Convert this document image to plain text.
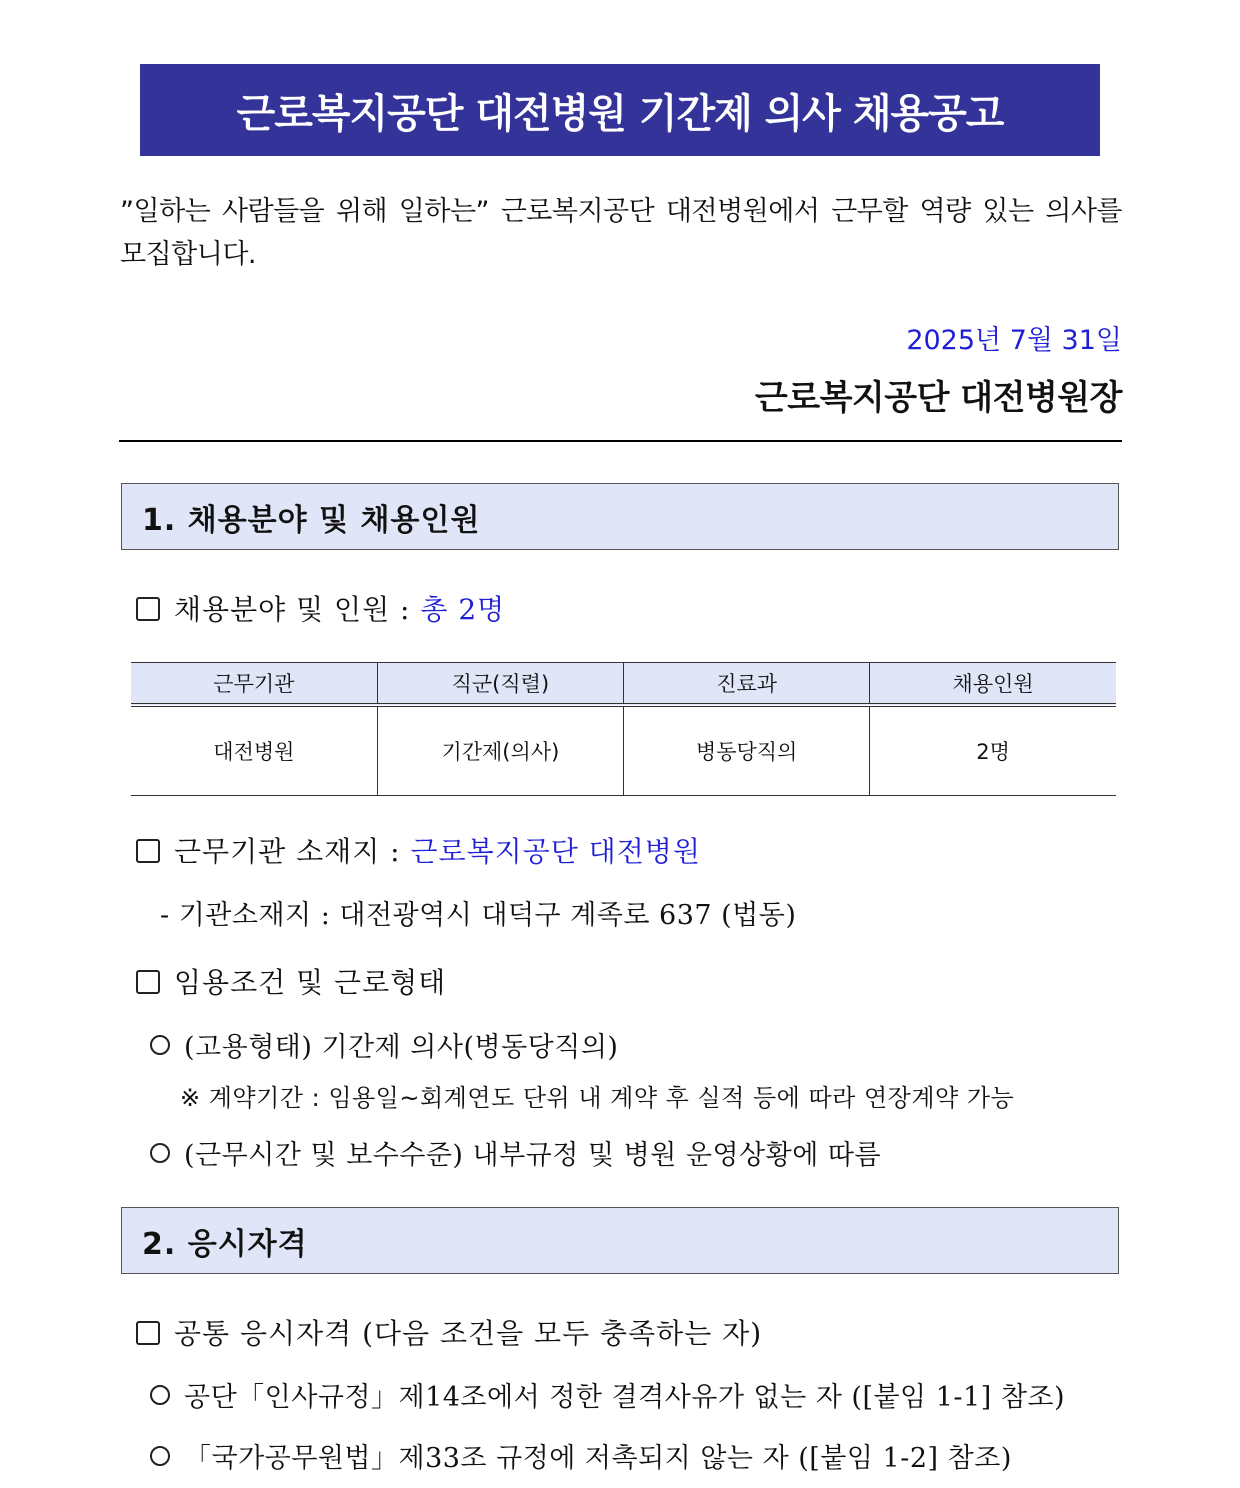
근로복지공단 대전병원 기간제 의사 채용공고
”일하는 사람들을 위해 일하는” 근로복지공단 대전병원에서 근무할 역량 있는 의사를 모집합니다.
2025년 7월 31일
근로복지공단 대전병원장
1. 채용분야 및 채용인원
채용분야 및 인원 : 총 2명
근무기관	직군(직렬)	진료과	채용인원
대전병원	기간제(의사)	병동당직의	2명
근무기관 소재지 : 근로복지공단 대전병원
- 기관소재지 : 대전광역시 대덕구 계족로 637 (법동)
임용조건 및 근로형태
(고용형태) 기간제 의사(병동당직의)
※ 계약기간 : 임용일~회계연도 단위 내 계약 후 실적 등에 따라 연장계약 가능
(근무시간 및 보수수준) 내부규정 및 병원 운영상황에 따름
2. 응시자격
공통 응시자격 (다음 조건을 모두 충족하는 자)
공단「인사규정」제14조에서 정한 결격사유가 없는 자 ([붙임 1-1] 참조)
「국가공무원법」제33조 규정에 저촉되지 않는 자 ([붙임 1-2] 참조)
